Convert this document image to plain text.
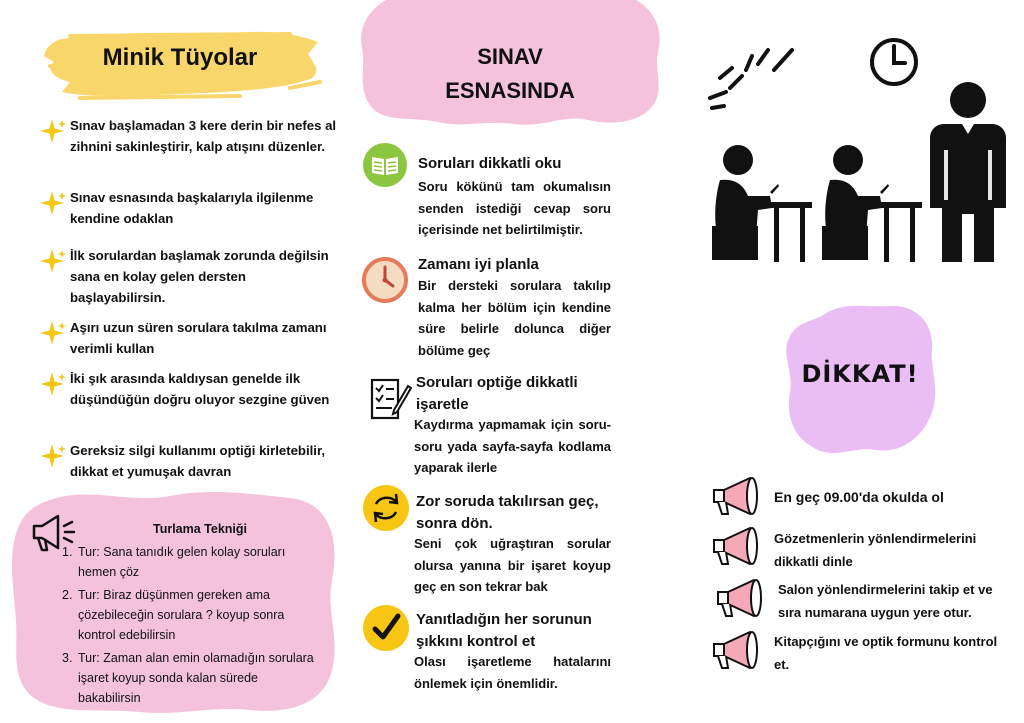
Minik Tüyolar
Sınav başlamadan 3 kere derin bir nefes al zihnini sakinleştirir, kalp atışını düzenler.
Sınav esnasında başkalarıyla ilgilenme kendine odaklan
İlk sorulardan başlamak zorunda değilsin sana en kolay gelen dersten başlayabilirsin.
Aşırı uzun süren sorulara takılma zamanı verimli kullan
İki şık arasında kaldıysan genelde ilk düşündüğün doğru oluyor sezgine güven
Gereksiz silgi kullanımı optiği kirletebilir, dikkat et yumuşak davran
Turlama Tekniği
1. Tur: Sana tanıdık gelen kolay soruları hemen çöz
2. Tur: Biraz düşünmen gereken ama çözebileceğin sorulara ? koyup sonra kontrol edebilirsin
3. Tur: Zaman alan emin olamadığın sorulara işaret koyup sonda kalan sürede bakabilirsin
SINAV
ESNASINDA
Soruları dikkatli oku
Soru kökünü tam okumalısın senden istediği cevap soru içerisinde net belirtilmiştir.
Zamanı iyi planla
Bir dersteki sorulara takılıp kalma her bölüm için kendine süre belirle dolunca diğer bölüme geç
Soruları optiğe dikkatli işaretle
Kaydırma yapmamak için soru-soru yada sayfa-sayfa kodlama yaparak ilerle
Zor soruda takılırsan geç, sonra dön.
Seni çok uğraştıran sorular olursa yanına bir işaret koyup geç en son tekrar bak
Yanıtladığın her sorunun şıkkını kontrol et
Olası işaretleme hatalarını önlemek için önemlidir.
DİKKAT!
En geç 09.00'da okulda ol
Gözetmenlerin yönlendirmelerini dikkatli dinle
Salon yönlendirmelerini takip et ve sıra numarana uygun yere otur.
Kitapçığını ve optik formunu kontrol et.
